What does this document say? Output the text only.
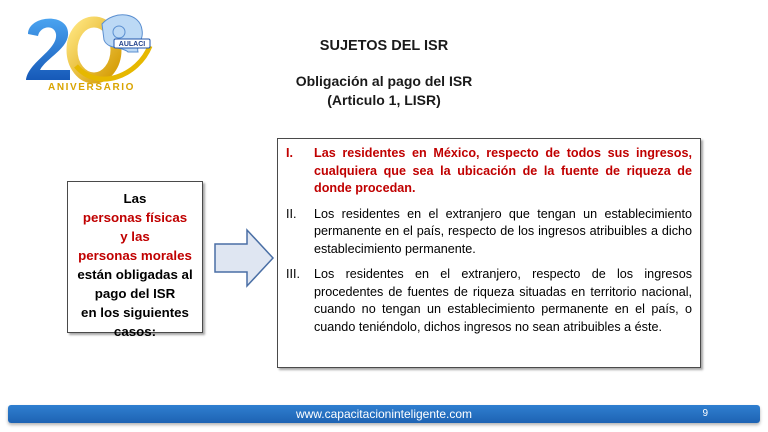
AULACI
ANIVERSARIO
SUJETOS DEL ISR
Obligación al pago del ISR
(Articulo 1, LISR)
Las
personas físicas
y las
personas morales
están obligadas al
pago del ISR
en los siguientes
casos:
I.	Las residentes en México, respecto de todos sus ingresos, cualquiera que sea la ubicación de la fuente de riqueza de donde procedan.
II.	Los residentes en el extranjero que tengan un establecimiento permanente en el país, respecto de los ingresos atribuibles a dicho establecimiento permanente.
III.	Los residentes en el extranjero, respecto de los ingresos procedentes de fuentes de riqueza situadas en territorio nacional, cuando no tengan un establecimiento permanente en el país, o cuando teniéndolo, dichos ingresos no sean atribuibles a éste.
www.capacitacioninteligente.com	9
